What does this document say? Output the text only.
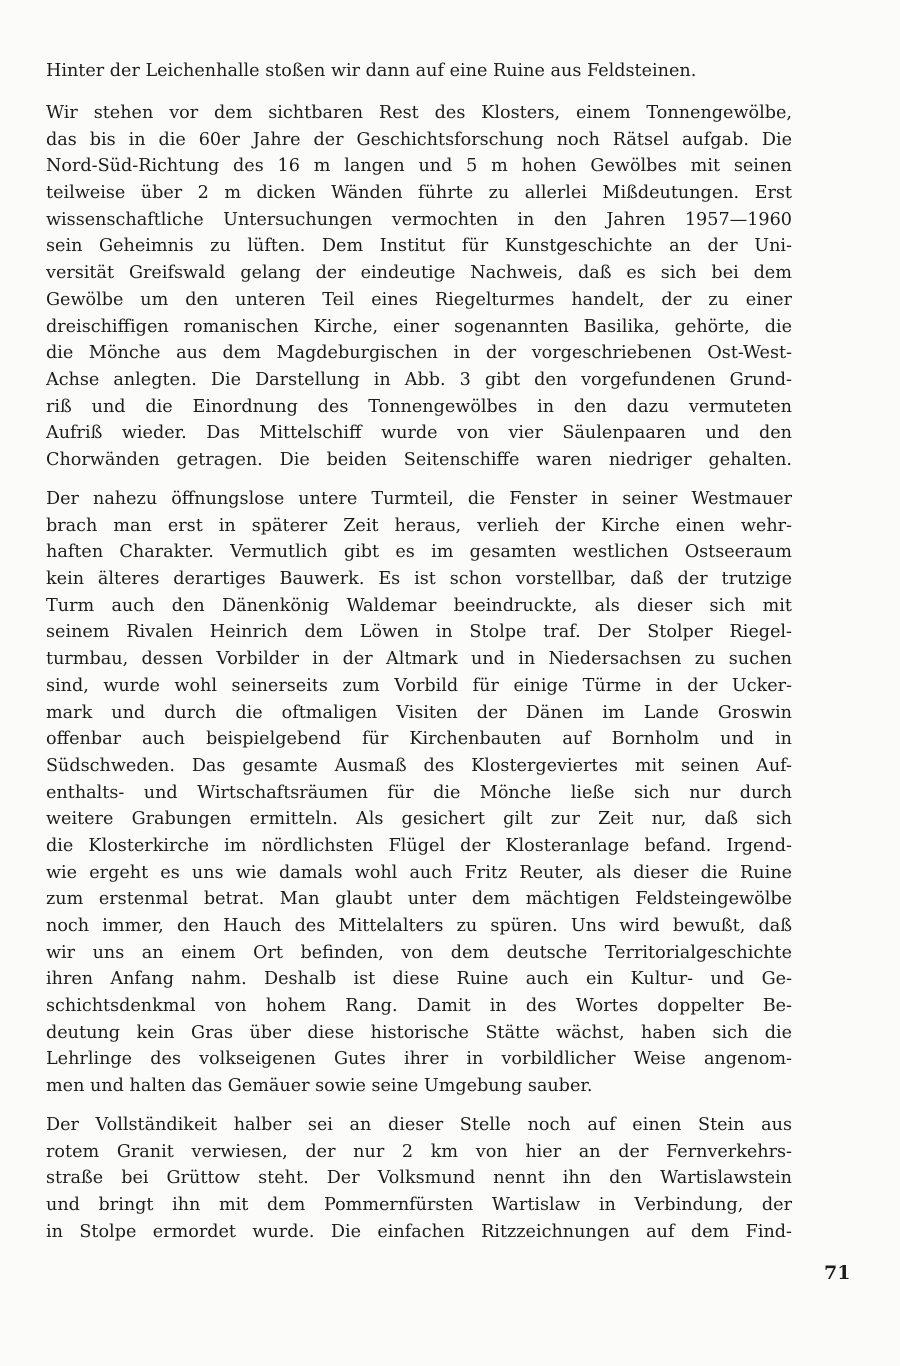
Hinter der Leichenhalle stoßen wir dann auf eine Ruine aus Feldsteinen.
Wir stehen vor dem sichtbaren Rest des Klosters, einem Tonnengewölbe,
das bis in die 60er Jahre der Geschichtsforschung noch Rätsel aufgab. Die
Nord-Süd-Richtung des 16 m langen und 5 m hohen Gewölbes mit seinen
teilweise über 2 m dicken Wänden führte zu allerlei Mißdeutungen. Erst
wissenschaftliche Untersuchungen vermochten in den Jahren 1957—1960
sein Geheimnis zu lüften. Dem Institut für Kunstgeschichte an der Uni-
versität Greifswald gelang der eindeutige Nachweis, daß es sich bei dem
Gewölbe um den unteren Teil eines Riegelturmes handelt, der zu einer
dreischiffigen romanischen Kirche, einer sogenannten Basilika, gehörte, die
die Mönche aus dem Magdeburgischen in der vorgeschriebenen Ost-West-
Achse anlegten. Die Darstellung in Abb. 3 gibt den vorgefundenen Grund-
riß und die Einordnung des Tonnengewölbes in den dazu vermuteten
Aufriß wieder. Das Mittelschiff wurde von vier Säulenpaaren und den
Chorwänden getragen. Die beiden Seitenschiffe waren niedriger gehalten.
Der nahezu öffnungslose untere Turmteil, die Fenster in seiner Westmauer
brach man erst in späterer Zeit heraus, verlieh der Kirche einen wehr-
haften Charakter. Vermutlich gibt es im gesamten westlichen Ostseeraum
kein älteres derartiges Bauwerk. Es ist schon vorstellbar, daß der trutzige
Turm auch den Dänenkönig Waldemar beeindruckte, als dieser sich mit
seinem Rivalen Heinrich dem Löwen in Stolpe traf. Der Stolper Riegel-
turmbau, dessen Vorbilder in der Altmark und in Niedersachsen zu suchen
sind, wurde wohl seinerseits zum Vorbild für einige Türme in der Ucker-
mark und durch die oftmaligen Visiten der Dänen im Lande Groswin
offenbar auch beispielgebend für Kirchenbauten auf Bornholm und in
Südschweden. Das gesamte Ausmaß des Klostergeviertes mit seinen Auf-
enthalts- und Wirtschaftsräumen für die Mönche ließe sich nur durch
weitere Grabungen ermitteln. Als gesichert gilt zur Zeit nur, daß sich
die Klosterkirche im nördlichsten Flügel der Klosteranlage befand. Irgend-
wie ergeht es uns wie damals wohl auch Fritz Reuter, als dieser die Ruine
zum erstenmal betrat. Man glaubt unter dem mächtigen Feldsteingewölbe
noch immer, den Hauch des Mittelalters zu spüren. Uns wird bewußt, daß
wir uns an einem Ort befinden, von dem deutsche Territorialgeschichte
ihren Anfang nahm. Deshalb ist diese Ruine auch ein Kultur- und Ge-
schichtsdenkmal von hohem Rang. Damit in des Wortes doppelter Be-
deutung kein Gras über diese historische Stätte wächst, haben sich die
Lehrlinge des volkseigenen Gutes ihrer in vorbildlicher Weise angenom-
men und halten das Gemäuer sowie seine Umgebung sauber.
Der Vollständikeit halber sei an dieser Stelle noch auf einen Stein aus
rotem Granit verwiesen, der nur 2 km von hier an der Fernverkehrs-
straße bei Grüttow steht. Der Volksmund nennt ihn den Wartislawstein
und bringt ihn mit dem Pommernfürsten Wartislaw in Verbindung, der
in Stolpe ermordet wurde. Die einfachen Ritzzeichnungen auf dem Find-
71
